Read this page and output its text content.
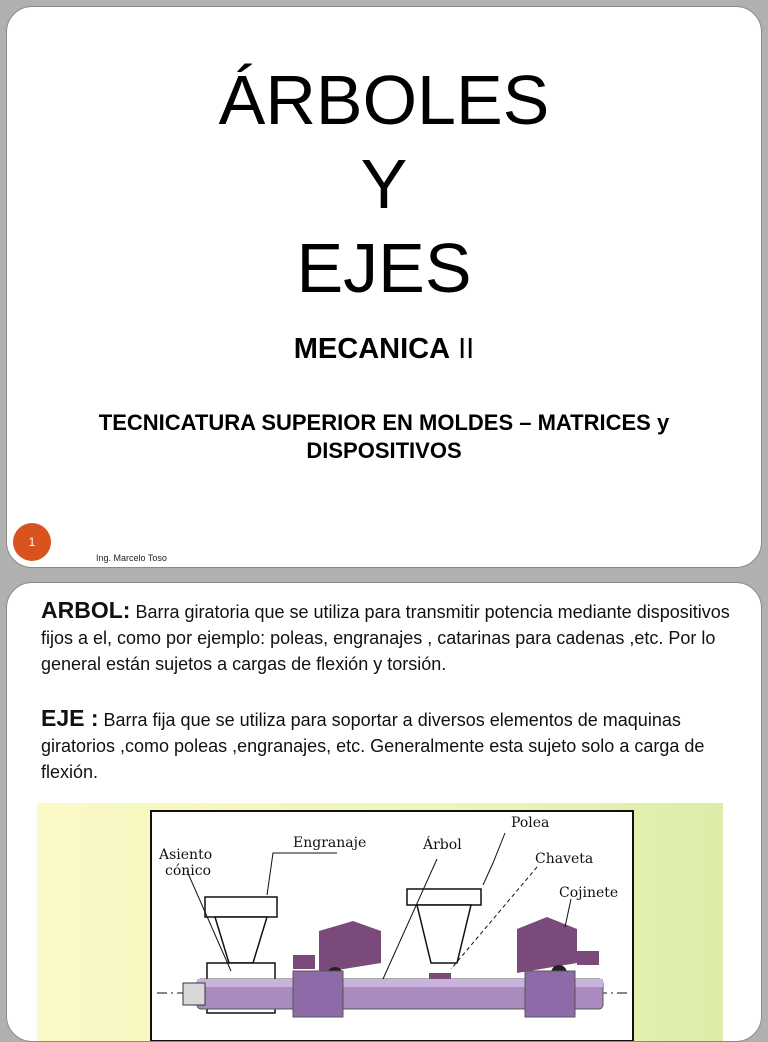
ÁRBOLES
Y
EJES
MECANICA II
TECNICATURA SUPERIOR EN MOLDES – MATRICES y DISPOSITIVOS
1
Ing. Marcelo Toso
ARBOL: Barra giratoria que se utiliza para transmitir potencia mediante dispositivos fijos a el, como por ejemplo: poleas, engranajes , catarinas para cadenas ,etc. Por lo general están sujetos a cargas de flexión y torsión.
EJE : Barra fija que se utiliza para soportar a diversos elementos de maquinas giratorios ,como poleas ,engranajes, etc. Generalmente esta sujeto solo a carga de flexión.
Asiento
cónico
Engranaje	Árbol
Polea
Chaveta
Cojinete
